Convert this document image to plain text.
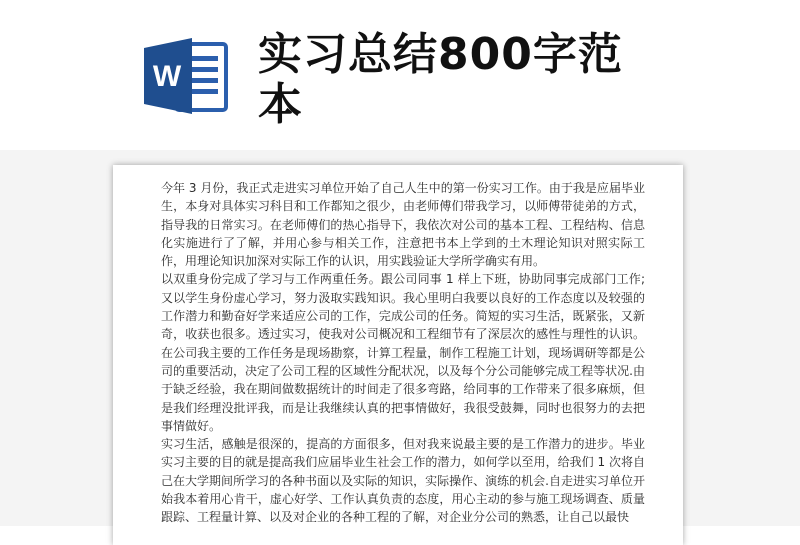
W 实习总结800字范本

今年 3 月份，我正式走进实习单位开始了自己人生中的第一份实习工作。由于我是应届毕业生，本身对具体实习科目和工作都知之很少，由老师傅们带我学习，以师傅带徒弟的方式，指导我的日常实习。在老师傅们的热心指导下，我依次对公司的基本工程、工程结构、信息化实施进行了了解，并用心参与相关工作，注意把书本上学到的土木理论知识对照实际工作，用理论知识加深对实际工作的认识，用实践验证大学所学确实有用。

以双重身份完成了学习与工作两重任务。跟公司同事 1 样上下班，协助同事完成部门工作;又以学生身份虚心学习，努力汲取实践知识。我心里明白我要以良好的工作态度以及较强的工作潜力和勤奋好学来适应公司的工作，完成公司的任务。简短的实习生活，既紧张，又新奇，收获也很多。透过实习，使我对公司概况和工程细节有了深层次的感性与理性的认识。在公司我主要的工作任务是现场勘察，计算工程量，制作工程施工计划，现场调研等都是公司的重要活动，决定了公司工程的区域性分配状况，以及每个分公司能够完成工程等状况.由于缺乏经验，我在期间做数据统计的时间走了很多弯路，给同事的工作带来了很多麻烦，但是我们经理没批评我，而是让我继续认真的把事情做好，我很受鼓舞，同时也很努力的去把事情做好。

实习生活，感触是很深的，提高的方面很多，但对我来说最主要的是工作潜力的进步。毕业实习主要的目的就是提高我们应届毕业生社会工作的潜力，如何学以至用，给我们 1 次将自己在大学期间所学习的各种书面以及实际的知识，实际操作、演练的机会.自走进实习单位开始我本着用心肯干，虚心好学、工作认真负责的态度，用心主动的参与施工现场调查、质量跟踪、工程量计算、以及对企业的各种工程的了解，对企业分公司的熟悉，让自己以最快
